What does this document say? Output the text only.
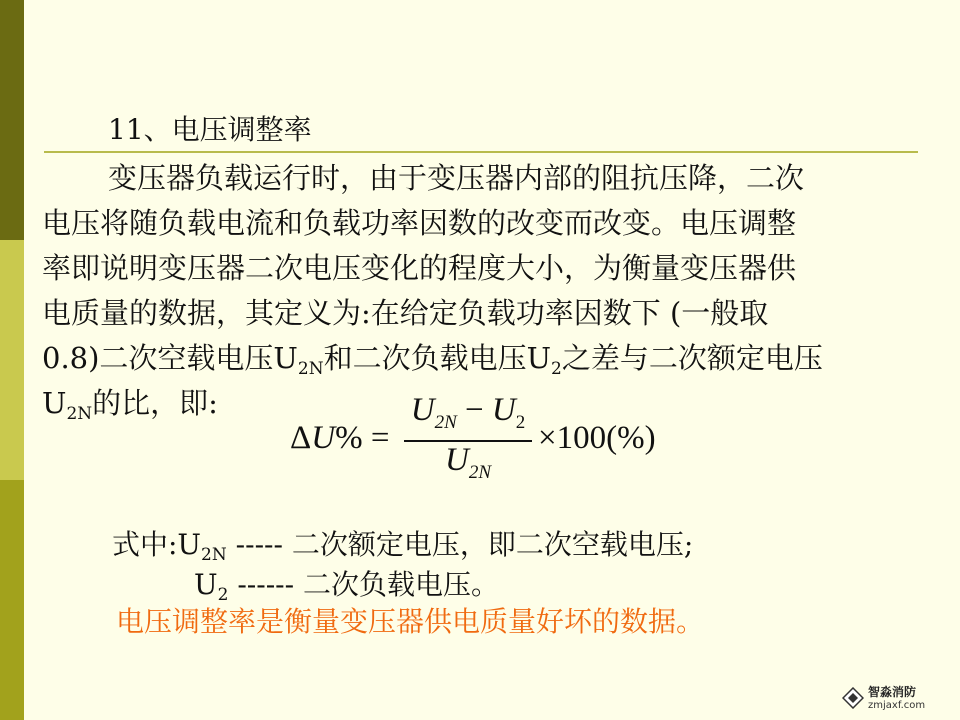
11、电压调整率
变压器负载运行时，由于变压器内部的阻抗压降，二次
电压将随负载电流和负载功率因数的改变而改变。电压调整
率即说明变压器二次电压变化的程度大小，为衡量变压器供
电质量的数据，其定义为:在给定负载功率因数下 (一般取
0.8)二次空载电压$U_{2N}$和二次负载电压$U_2$之差与二次额定电压
$U_{2N}$的比，即:
ΔU% =
$U_{2N} - U_2$
$U_{2N}$
×100(%)
式中$:U_{2N}$ ----- 二次额定电压，即二次空载电压;
$U_2$ ------ 二次负载电压。
电压调整率是衡量变压器供电质量好坏的数据。
智淼消防
zmjaxf.com
